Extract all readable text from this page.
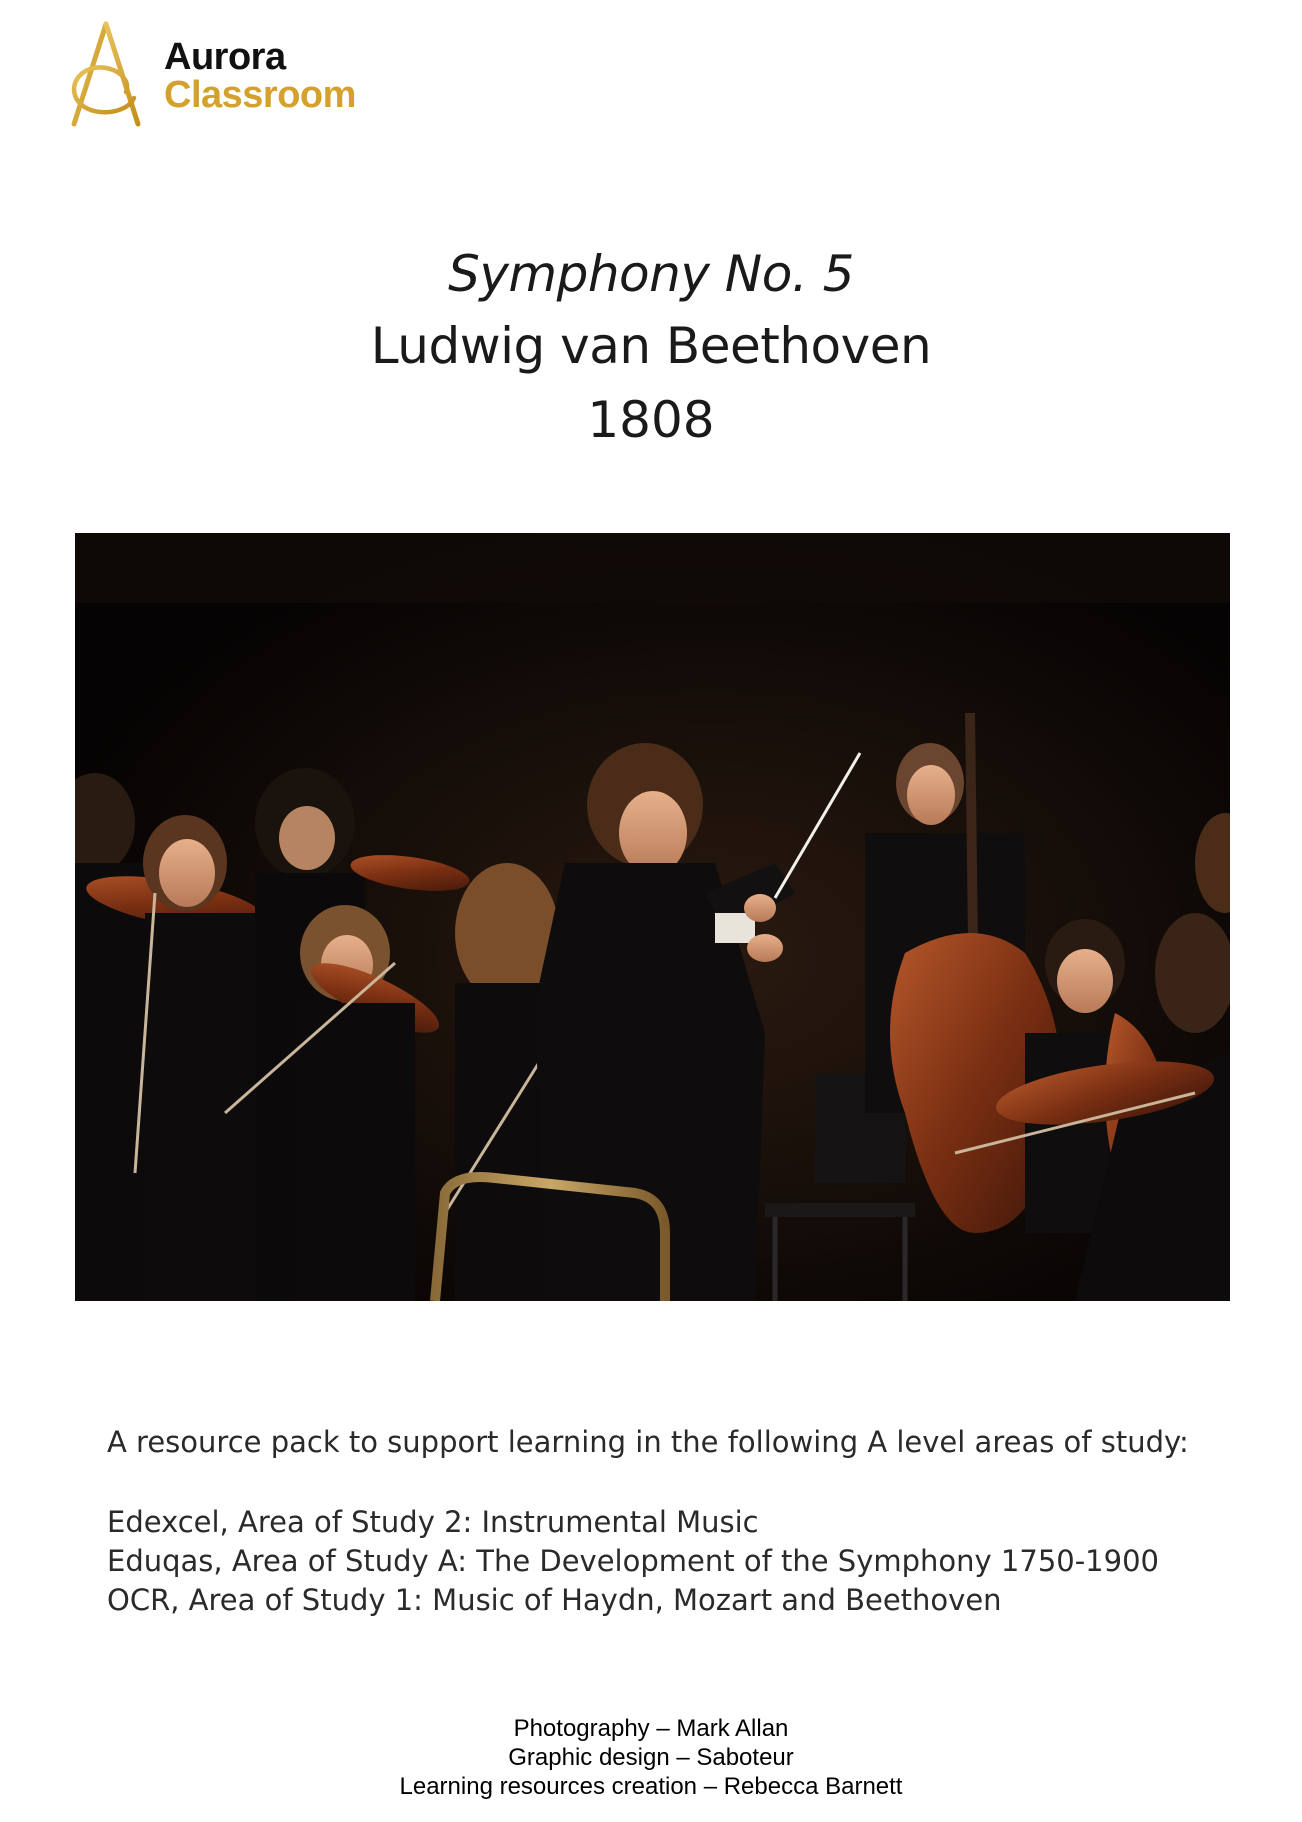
Aurora
Classroom
Symphony No. 5
Ludwig van Beethoven
1808
A resource pack to support learning in the following A level areas of study:
Edexcel, Area of Study 2: Instrumental Music
Eduqas, Area of Study A: The Development of the Symphony 1750-1900
OCR, Area of Study 1: Music of Haydn, Mozart and Beethoven
Photography – Mark Allan
Graphic design – Saboteur
Learning resources creation – Rebecca Barnett
